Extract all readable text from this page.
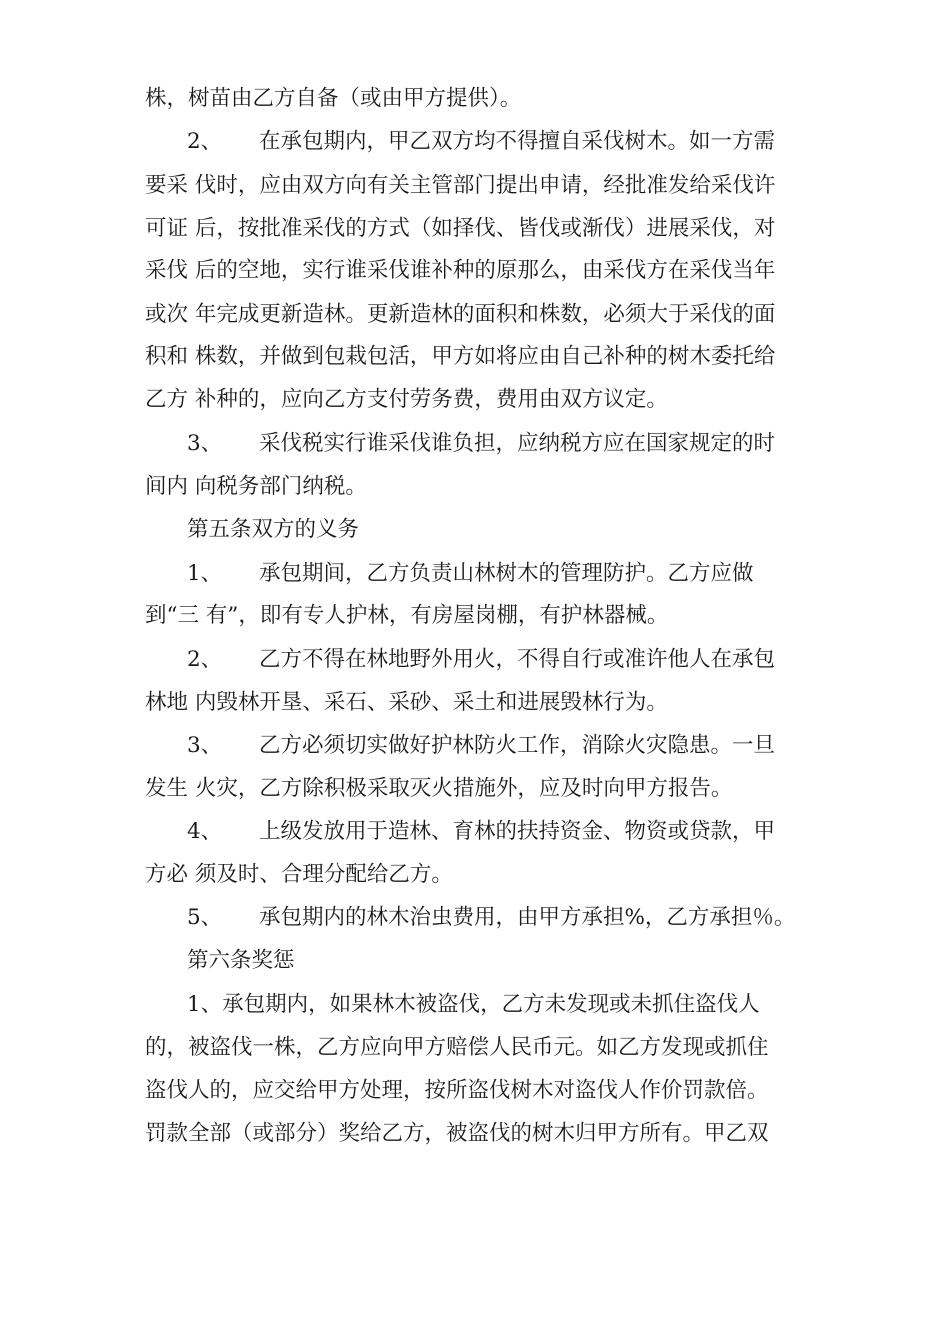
株，树苗由乙方自备（或由甲方提供）。
2、 在承包期内，甲乙双方均不得擅自采伐树木。如一方需
要采 伐时，应由双方向有关主管部门提出申请，经批准发给采伐许
可证 后，按批准采伐的方式（如择伐、皆伐或渐伐）进展采伐，对
采伐 后的空地，实行谁采伐谁补种的原那么，由采伐方在采伐当年
或次 年完成更新造林。更新造林的面积和株数，必须大于采伐的面
积和 株数，并做到包栽包活，甲方如将应由自己补种的树木委托给
乙方 补种的，应向乙方支付劳务费，费用由双方议定。
3、 采伐税实行谁采伐谁负担，应纳税方应在国家规定的时
间内 向税务部门纳税。
第五条双方的义务
1、 承包期间，乙方负责山林树木的管理防护。乙方应做
到“三 有”，即有专人护林，有房屋岗棚，有护林器械。
2、 乙方不得在林地野外用火，不得自行或准许他人在承包
林地 内毁林开垦、采石、采砂、采土和进展毁林行为。
3、 乙方必须切实做好护林防火工作，消除火灾隐患。一旦
发生 火灾，乙方除积极采取灭火措施外，应及时向甲方报告。
4、 上级发放用于造林、育林的扶持资金、物资或贷款，甲
方必 须及时、合理分配给乙方。
5、 承包期内的林木治虫费用，由甲方承担%，乙方承担％。
第六条奖惩
1、承包期内，如果林木被盗伐，乙方未发现或未抓住盗伐人
的，被盗伐一株，乙方应向甲方赔偿人民币元。如乙方发现或抓住
盗伐人的，应交给甲方处理，按所盗伐树木对盗伐人作价罚款倍。
罚款全部（或部分）奖给乙方，被盗伐的树木归甲方所有。甲乙双
